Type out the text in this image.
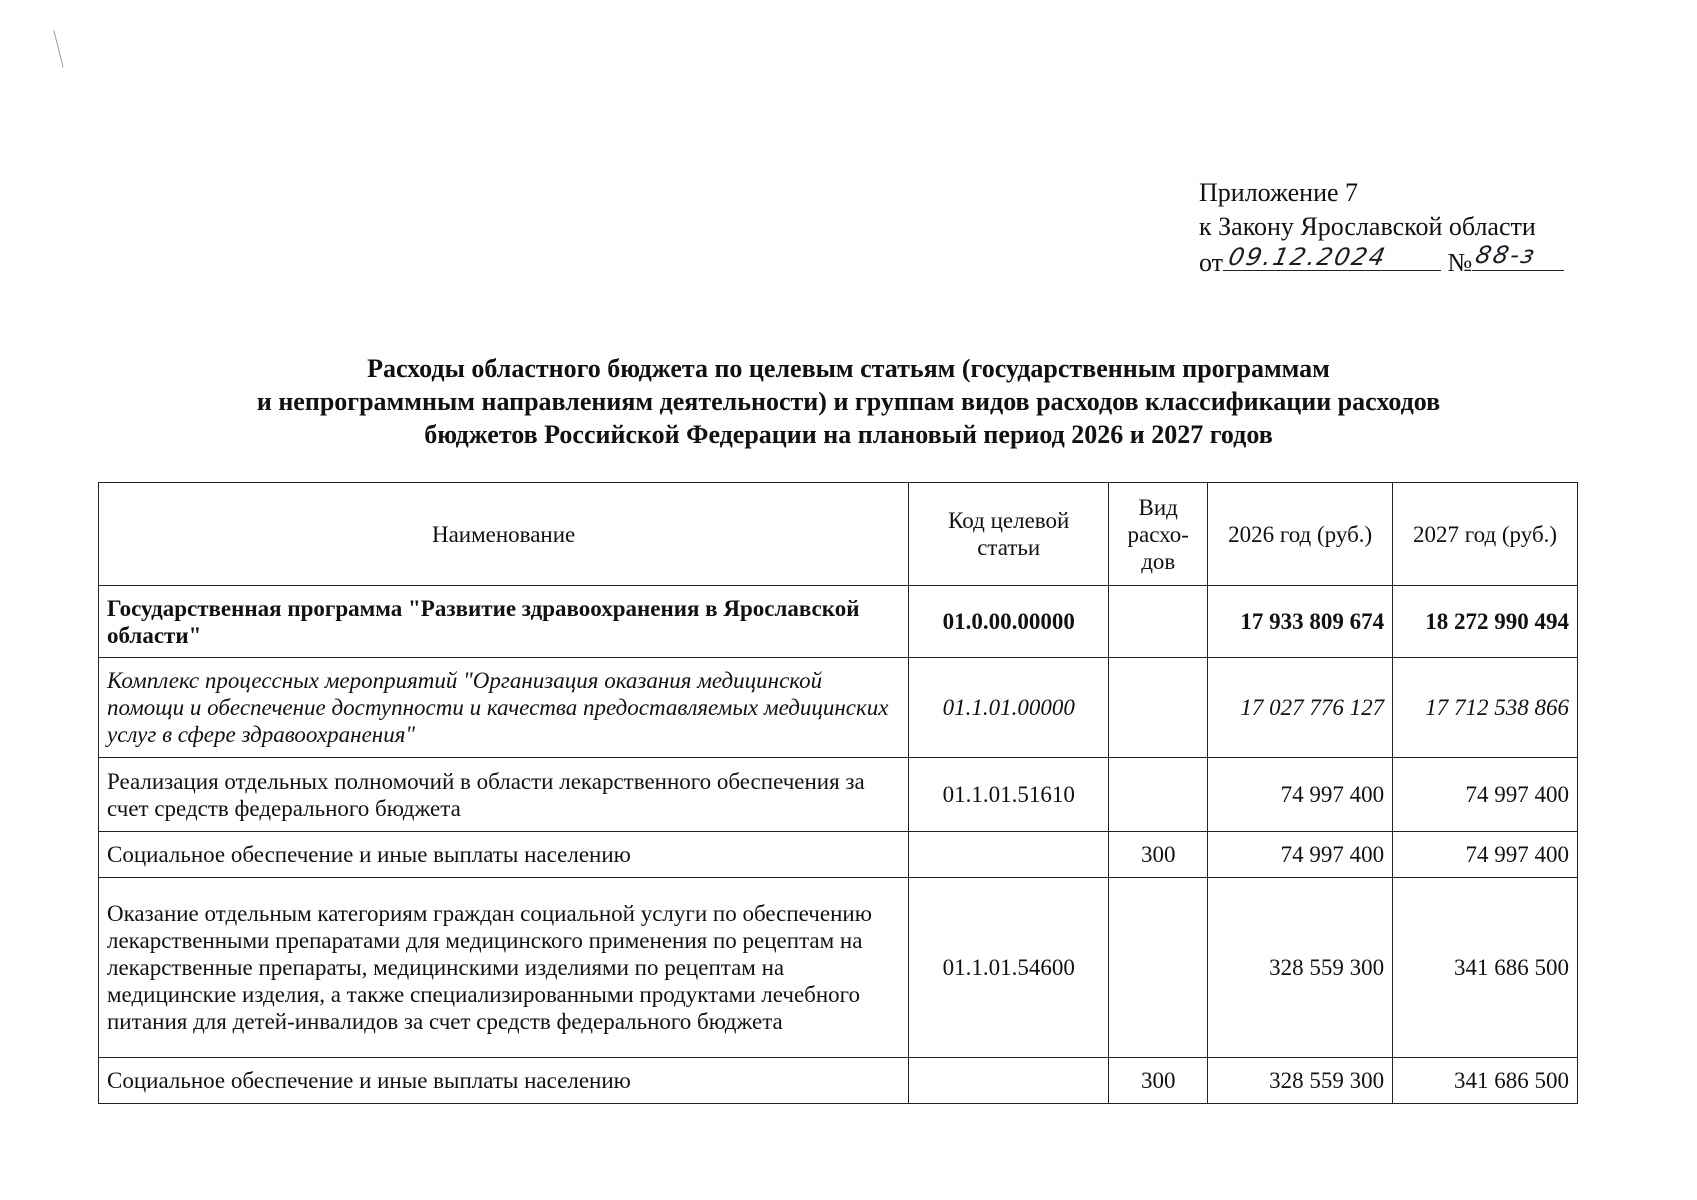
Приложение 7
к Закону Ярославской области
от 09.12.2024 № 88-з
Расходы областного бюджета по целевым статьям (государственным программам
и непрограммным направлениям деятельности) и группам видов расходов классификации расходов
бюджетов Российской Федерации на плановый период 2026 и 2027 годов
Наименование	Код целевой статьи	Вид расхо-дов	2026 год (руб.)	2027 год (руб.)
Государственная программа "Развитие здравоохранения в Ярославской области"	01.0.00.00000		17 933 809 674	18 272 990 494
Комплекс процессных мероприятий "Организация оказания медицинской помощи и обеспечение доступности и качества предоставляемых медицинских услуг в сфере здравоохранения"	01.1.01.00000		17 027 776 127	17 712 538 866
Реализация отдельных полномочий в области лекарственного обеспечения за счет средств федерального бюджета	01.1.01.51610		74 997 400	74 997 400
Социальное обеспечение и иные выплаты населению		300	74 997 400	74 997 400
Оказание отдельным категориям граждан социальной услуги по обеспечению лекарственными препаратами для медицинского применения по рецептам на лекарственные препараты, медицинскими изделиями по рецептам на медицинские изделия, а также специализированными продуктами лечебного питания для детей-инвалидов за счет средств федерального бюджета	01.1.01.54600		328 559 300	341 686 500
Социальное обеспечение и иные выплаты населению		300	328 559 300	341 686 500
